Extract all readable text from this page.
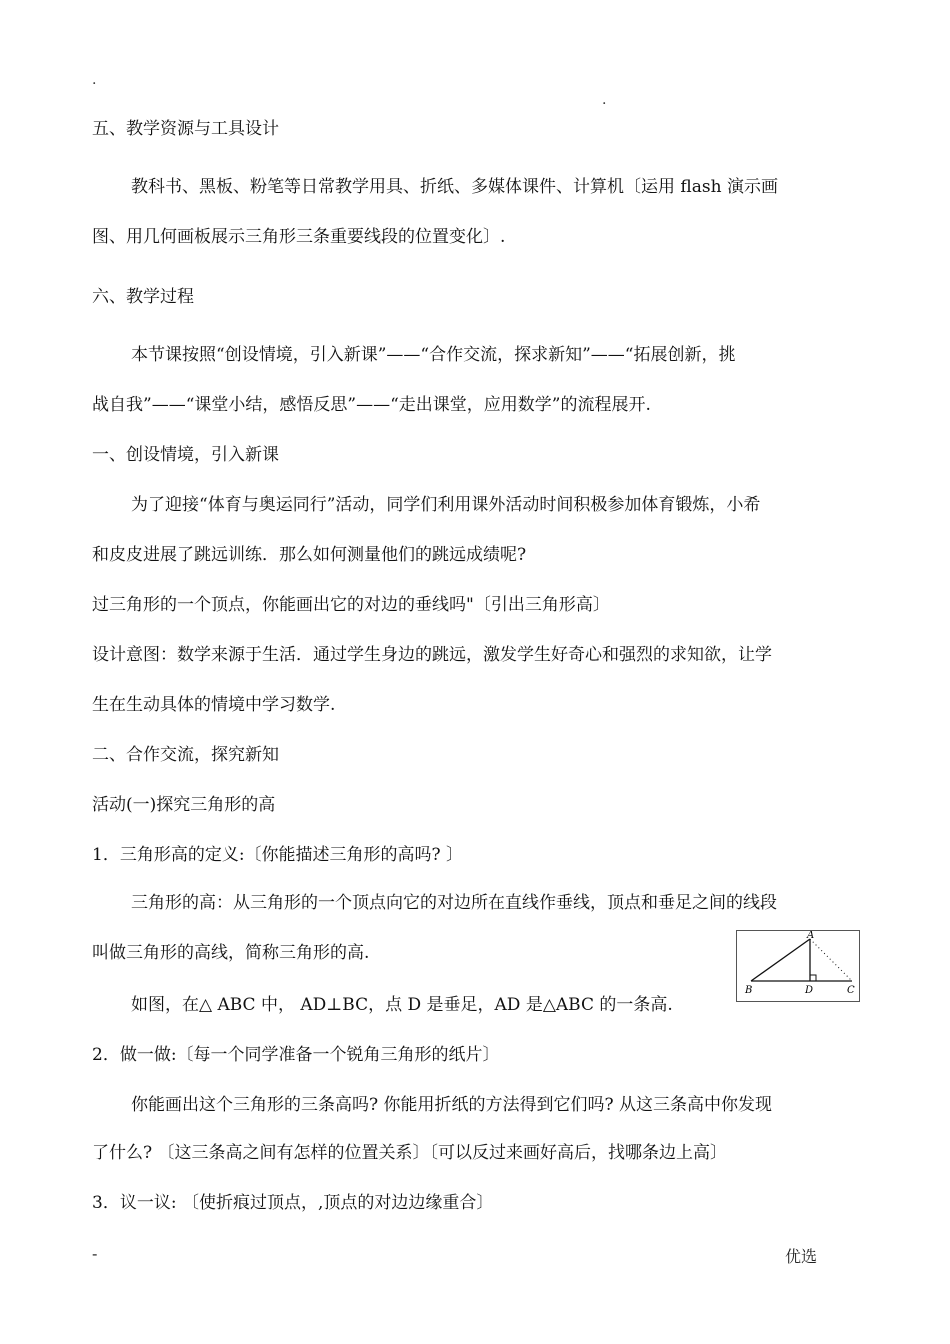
.
.
五、教学资源与工具设计
教科书、黑板、粉笔等日常教学用具、折纸、多媒体课件、计算机〔运用 flash 演示画
图、用几何画板展示三角形三条重要线段的位置变化〕.
六、教学过程
本节课按照“创设情境，引入新课”——“合作交流，探求新知”——“拓展创新，挑
战自我”——“课堂小结，感悟反思”——“走出课堂，应用数学”的流程展开.
一、创设情境，引入新课
为了迎接“体育与奥运同行”活动，同学们利用课外活动时间积极参加体育锻炼，小希
和皮皮进展了跳远训练．那么如何测量他们的跳远成绩呢?
过三角形的一个顶点，你能画出它的对边的垂线吗"〔引出三角形高〕
设计意图：数学来源于生活．通过学生身边的跳远，激发学生好奇心和强烈的求知欲，让学
生在生动具体的情境中学习数学.
二、合作交流，探究新知
活动(一)探究三角形的高
1．三角形高的定义:〔你能描述三角形的高吗? 〕
三角形的高：从三角形的一个顶点向它的对边所在直线作垂线，顶点和垂足之间的线段
叫做三角形的高线，简称三角形的高.
如图，在△ ABC 中， AD⊥BC，点 D 是垂足，AD 是△ABC 的一条高.
2．做一做:〔每一个同学准备一个锐角三角形的纸片〕
你能画出这个三角形的三条高吗? 你能用折纸的方法得到它们吗? 从这三条高中你发现
了什么? 〔这三条高之间有怎样的位置关系〕〔可以反过来画好高后，找哪条边上高〕
3．议一议: 〔使折痕过顶点，,顶点的对边边缘重合〕
A
B	D	C
-	优选
